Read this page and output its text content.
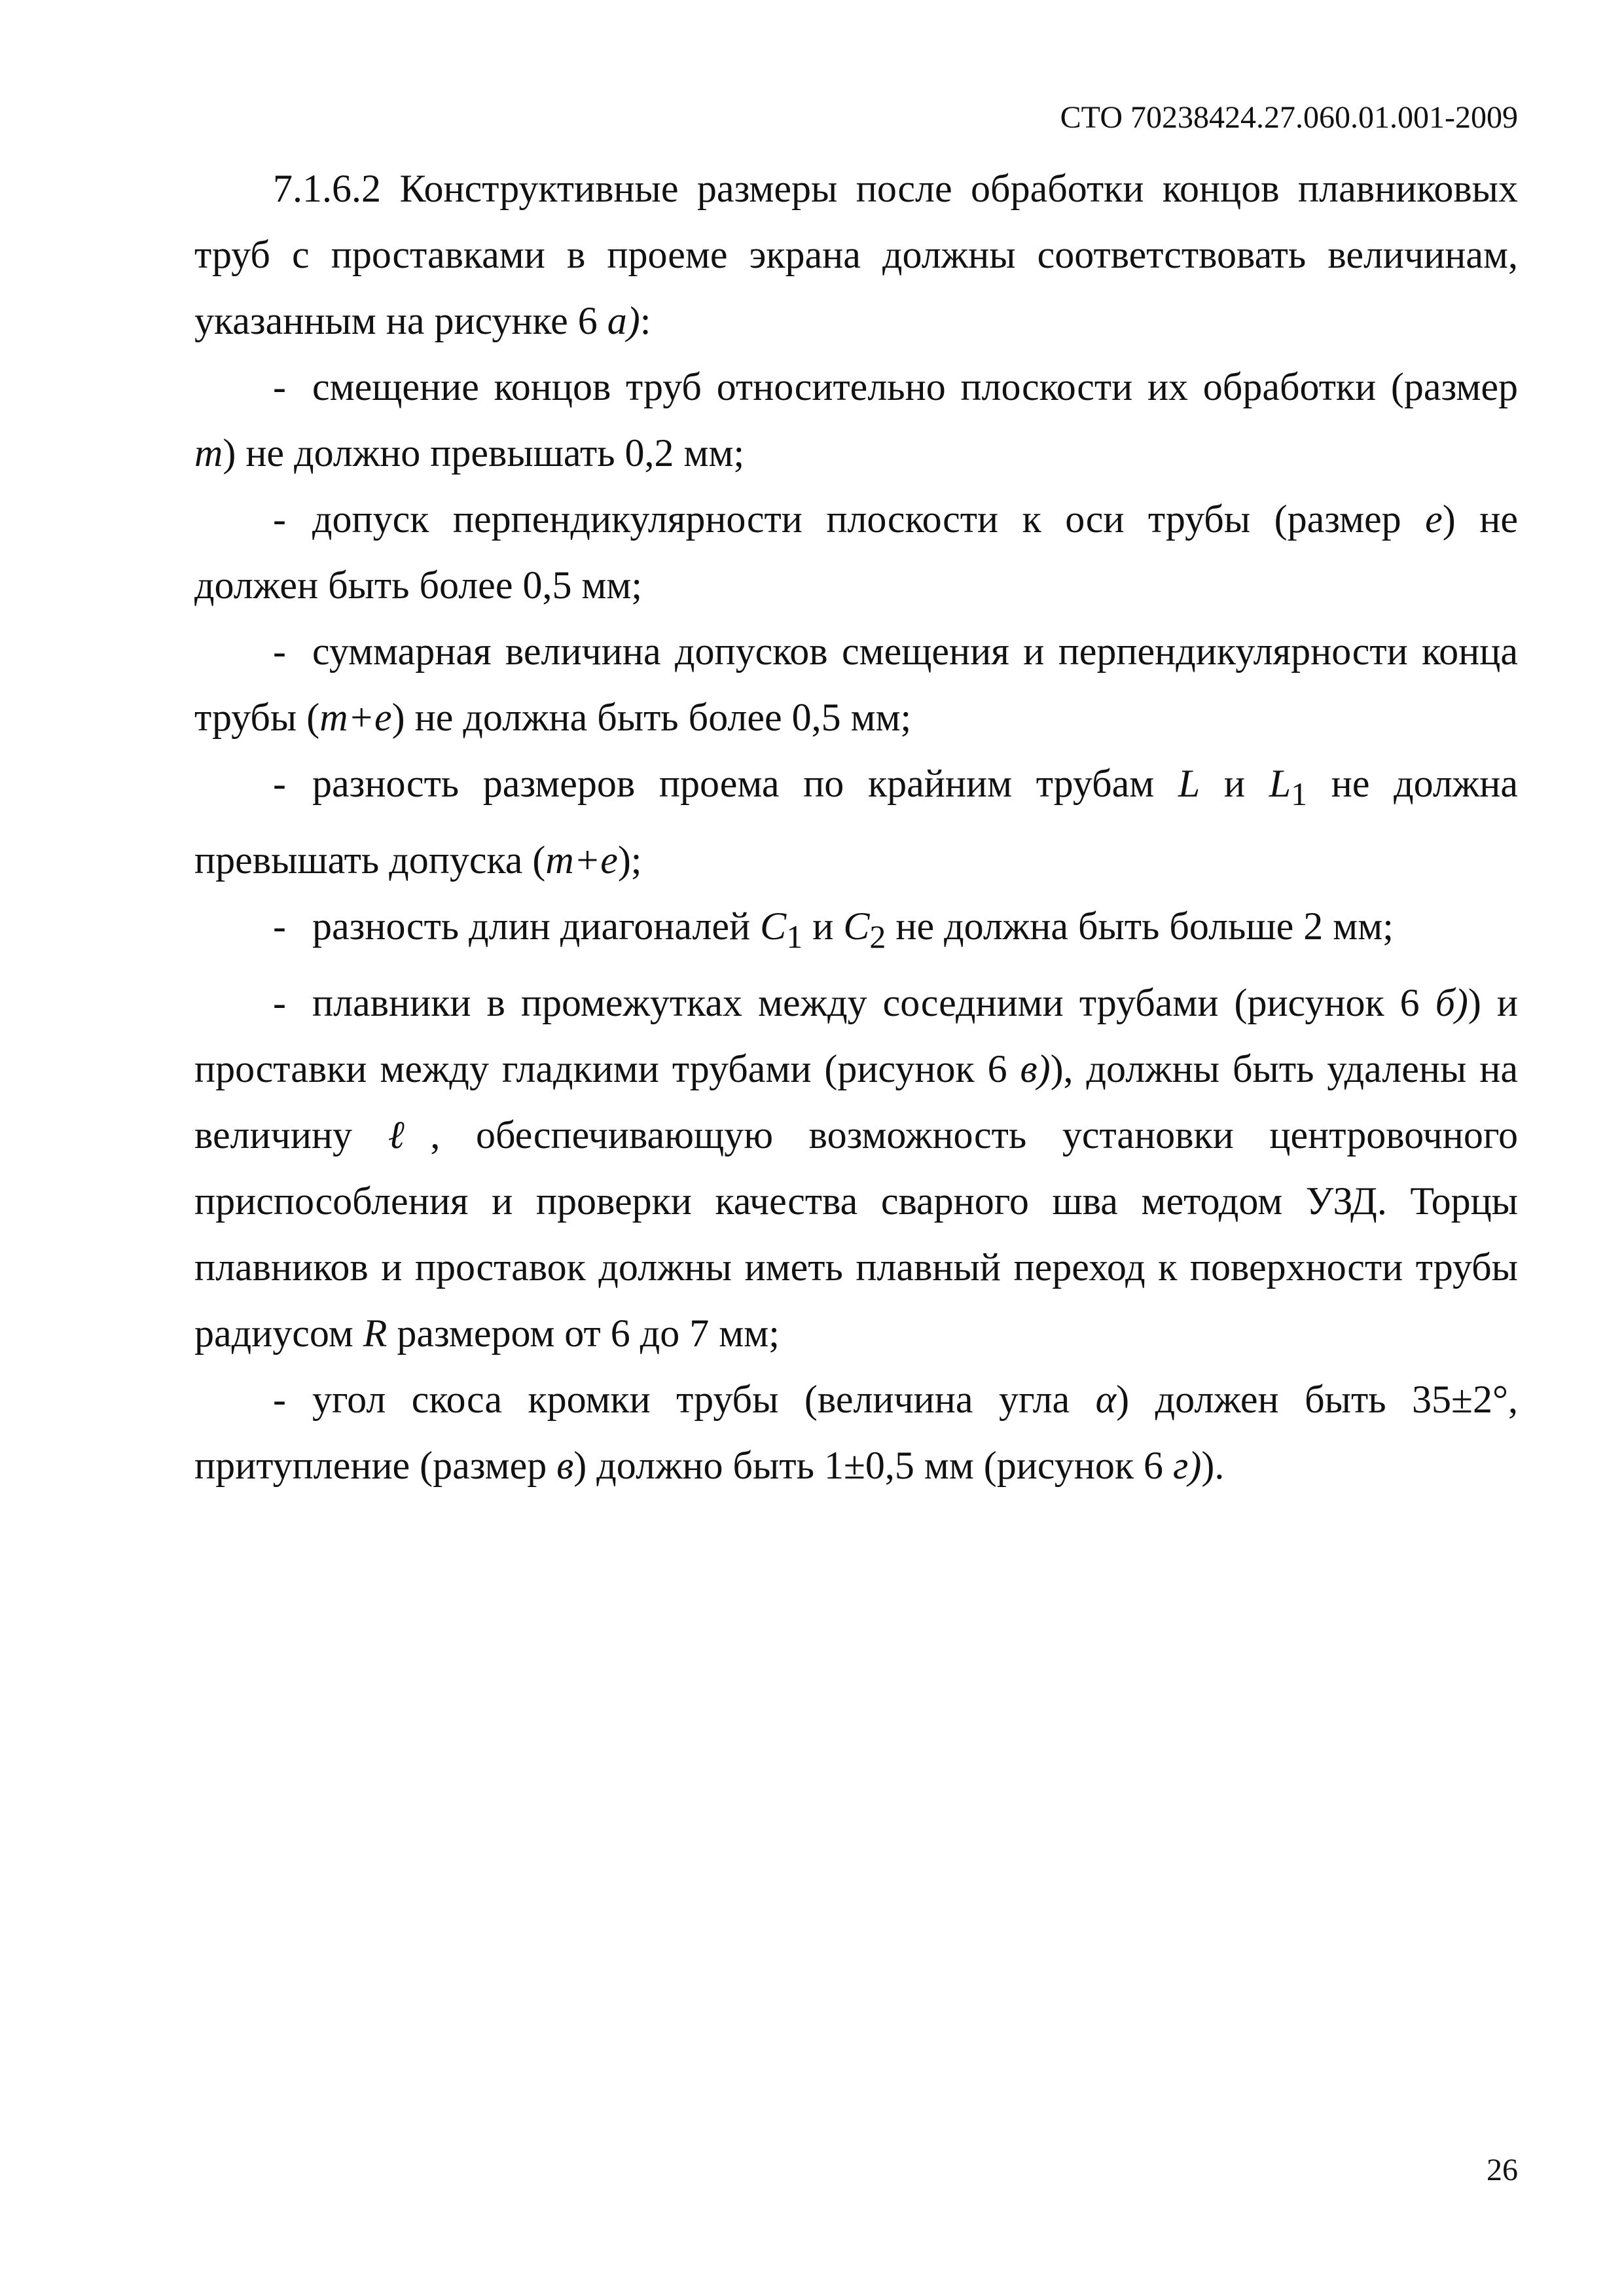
СТО 70238424.27.060.01.001-2009

7.1.6.2 Конструктивные размеры после обработки концов плавниковых труб с проставками в проеме экрана должны соответствовать величинам, указанным на рисунке 6 а):

- смещение концов труб относительно плоскости их обработки (размер m) не должно превышать 0,2 мм;

- допуск перпендикулярности плоскости к оси трубы (размер е) не должен быть более 0,5 мм;

- суммарная величина допусков смещения и перпендикулярности конца трубы (m+е) не должна быть более 0,5 мм;

- разность размеров проема по крайним трубам L и $L_1$ не должна превышать допуска (m+е);

- разность длин диагоналей $C_1$ и $C_2$ не должна быть больше 2 мм;

- плавники в промежутках между соседними трубами (рисунок 6 б)) и проставки между гладкими трубами (рисунок 6 в)), должны быть удалены на величину ℓ, обеспечивающую возможность установки центровочного приспособления и проверки качества сварного шва методом УЗД. Торцы плавников и проставок должны иметь плавный переход к поверхности трубы радиусом R размером от 6 до 7 мм;

- угол скоса кромки трубы (величина угла α) должен быть 35±2°, притупление (размер в) должно быть 1±0,5 мм (рисунок 6 г)).

26
